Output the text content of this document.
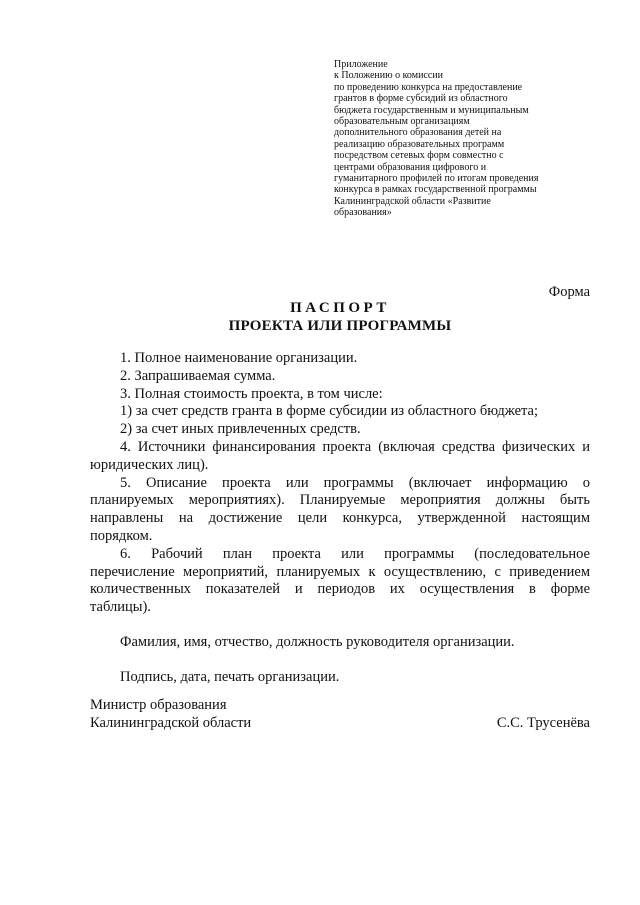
Приложение
к Положению о комиссии
по проведению конкурса на предоставление
грантов в форме субсидий из областного
бюджета государственным и муниципальным
образовательным организациям
дополнительного образования детей на
реализацию образовательных программ
посредством сетевых форм совместно с
центрами образования цифрового и
гуманитарного профилей по итогам проведения
конкурса в рамках государственной программы
Калининградской области «Развитие
образования»
Форма
ПАСПОРТ
ПРОЕКТА ИЛИ ПРОГРАММЫ
1. Полное наименование организации.
2. Запрашиваемая сумма.
3. Полная стоимость проекта, в том числе:
1) за счет средств гранта в форме субсидии из областного бюджета;
2) за счет иных привлеченных средств.
4. Источники финансирования проекта (включая средства физических и
юридических лиц).
5. Описание проекта или программы (включает информацию о
планируемых мероприятиях). Планируемые мероприятия должны быть
направлены на достижение цели конкурса, утвержденной настоящим
порядком.
6. Рабочий план проекта или программы (последовательное
перечисление мероприятий, планируемых к осуществлению, с приведением
количественных показателей и периодов их осуществления в форме
таблицы).
Фамилия, имя, отчество, должность руководителя организации.
Подпись, дата, печать организации.
Министр образования
Калининградской области	С.С. Трусенёва
